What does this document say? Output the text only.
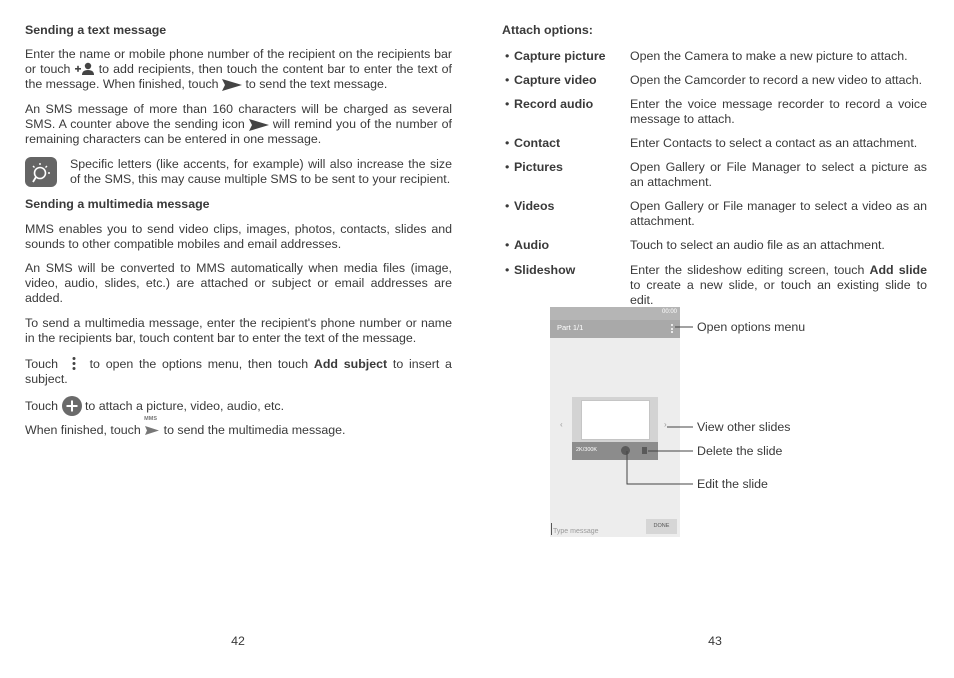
Sending a text message
Enter the name or mobile phone number of the recipient on the recipients bar or touch to add recipients, then touch the content bar to enter the text of the message. When finished, touch to send the text message.
An SMS message of more than 160 characters will be charged as several SMS. A counter above the sending icon will remind you of the number of remaining characters can be entered in one message.
Specific letters (like accents, for example) will also increase the size of the SMS, this may cause multiple SMS to be sent to your recipient.
Sending a multimedia message
MMS enables you to send video clips, images, photos, contacts, slides and sounds to other compatible mobiles and email addresses.
An SMS will be converted to MMS automatically when media files (image, video, audio, slides, etc.) are attached or subject or email addresses are added.
To send a multimedia message, enter the recipient's phone number or name in the recipients bar, touch content bar to enter the text of the message.
Touch	to open the options menu, then touch Add subject to insert a subject.
Touch to attach a picture, video, audio, etc.
When finished, touch
MMS
to send the multimedia message.
42
Attach options:
• Capture picture Open the Camera to make a new picture to attach.
• Capture video	Open the Camcorder to record a new video to attach.
• Record audio	Enter the voice message recorder to record a voice message to attach.
• Contact	Enter Contacts to select a contact as an attachment.
• Pictures	Open Gallery or File Manager to select a picture as an attachment.
• Videos	Open Gallery or File manager to select a video as an attachment.
• Audio	Touch to select an audio file as an attachment.
• Slideshow	Enter the slideshow editing screen, touch Add slide to create a new slide, or touch an existing slide to edit.
00:00
Part 1/1
‹	›
2K/300K
Type message
DONE
Open options menu
View other slides
Delete the slide
Edit the slide
43
